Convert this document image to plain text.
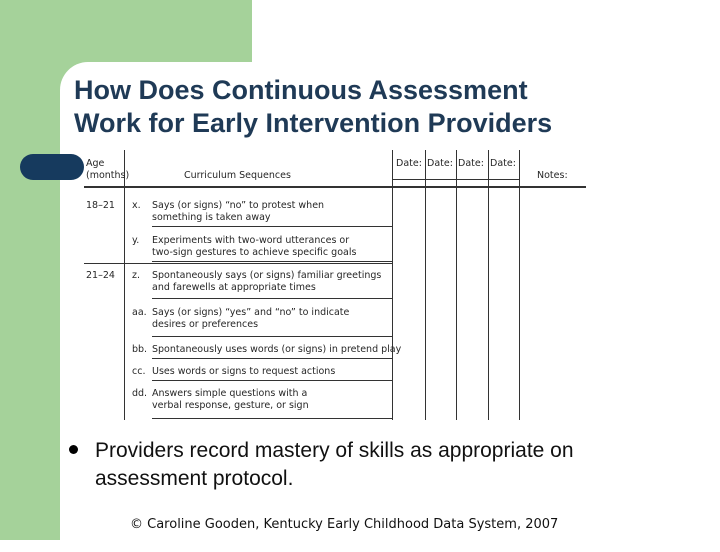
How Does Continuous Assessment
Work for Early Intervention Providers
Age
(months)	Curriculum Sequences
Date: Date: Date: Date:
Notes:
18–21 x. Says (or signs) “no” to protest when
something is taken away
y. Experiments with two-word utterances or
two-sign gestures to achieve specific goals
21–24 z. Spontaneously says (or signs) familiar greetings
and farewells at appropriate times
aa. Says (or signs) “yes” and “no” to indicate
desires or preferences
bb. Spontaneously uses words (or signs) in pretend play
cc. Uses words or signs to request actions
dd. Answers simple questions with a
verbal response, gesture, or sign
Providers record mastery of skills as appropriate on assessment protocol.
© Caroline Gooden, Kentucky Early Childhood Data System, 2007
